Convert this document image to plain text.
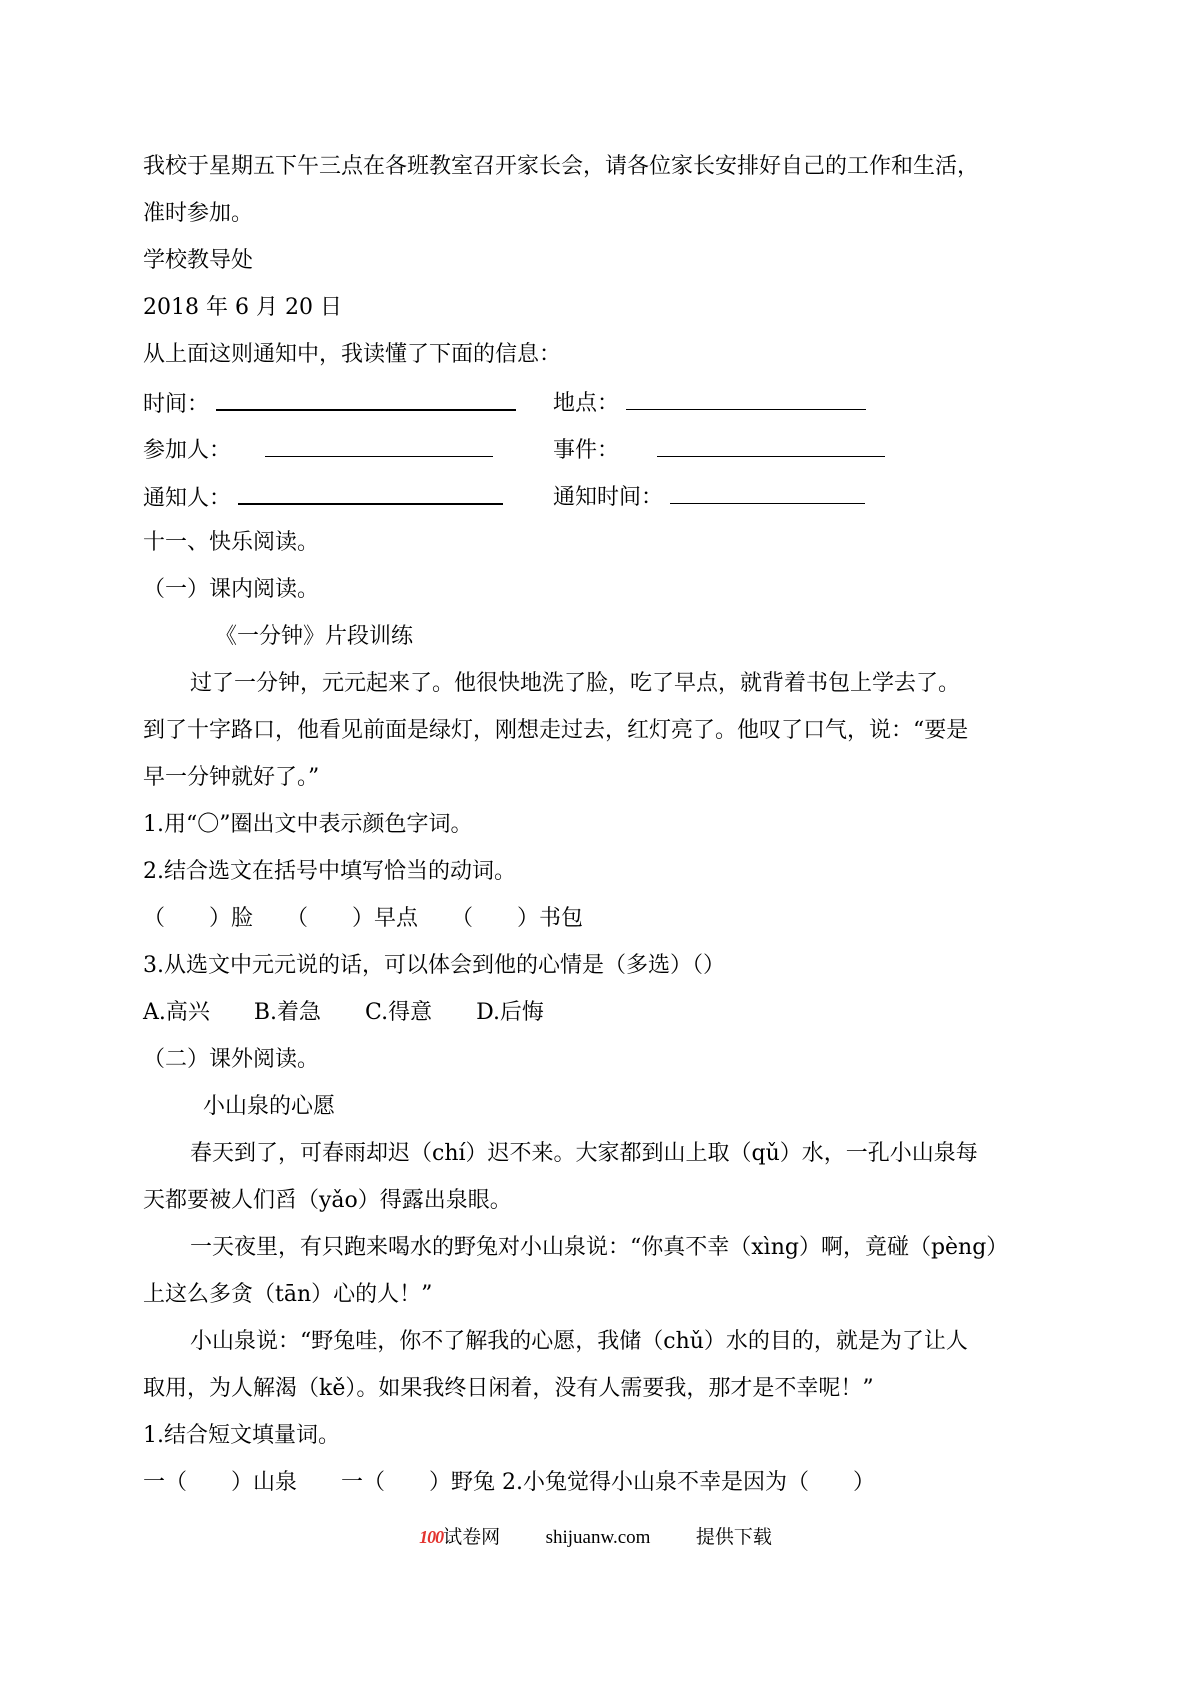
我校于星期五下午三点在各班教室召开家长会，请各位家长安排好自己的工作和生活，
准时参加。
学校教导处
2018 年 6 月 20 日
从上面这则通知中，我读懂了下面的信息：
时间：	地点：
参加人：	事件：
通知人：	通知时间：
十一、快乐阅读。
（一）课内阅读。
《一分钟》片段训练
过了一分钟，元元起来了。他很快地洗了脸，吃了早点，就背着书包上学去了。
到了十字路口，他看见前面是绿灯，刚想走过去，红灯亮了。他叹了口气，说：“要是
早一分钟就好了。”
1.用“〇”圈出文中表示颜色字词。
2.结合选文在括号中填写恰当的动词。
（　　）脸　　（　　）早点　　（　　）书包
3.从选文中元元说的话，可以体会到他的心情是（多选）（）
A.高兴　　B.着急　　C.得意　　D.后悔
（二）课外阅读。
小山泉的心愿
春天到了，可春雨却迟（chí）迟不来。大家都到山上取（qǔ）水，一孔小山泉每
天都要被人们舀（yǎo）得露出泉眼。
一天夜里，有只跑来喝水的野兔对小山泉说：“你真不幸（xìng）啊，竟碰（pèng）
上这么多贪（tān）心的人！”
小山泉说：“野兔哇，你不了解我的心愿，我储（chǔ）水的目的，就是为了让人
取用，为人解渴（kě）。如果我终日闲着，没有人需要我，那才是不幸呢！”
1.结合短文填量词。
一（　　）山泉　　一（　　）野兔 2.小兔觉得小山泉不幸是因为（　　）
100试卷网 shijuanw.com 提供下载
